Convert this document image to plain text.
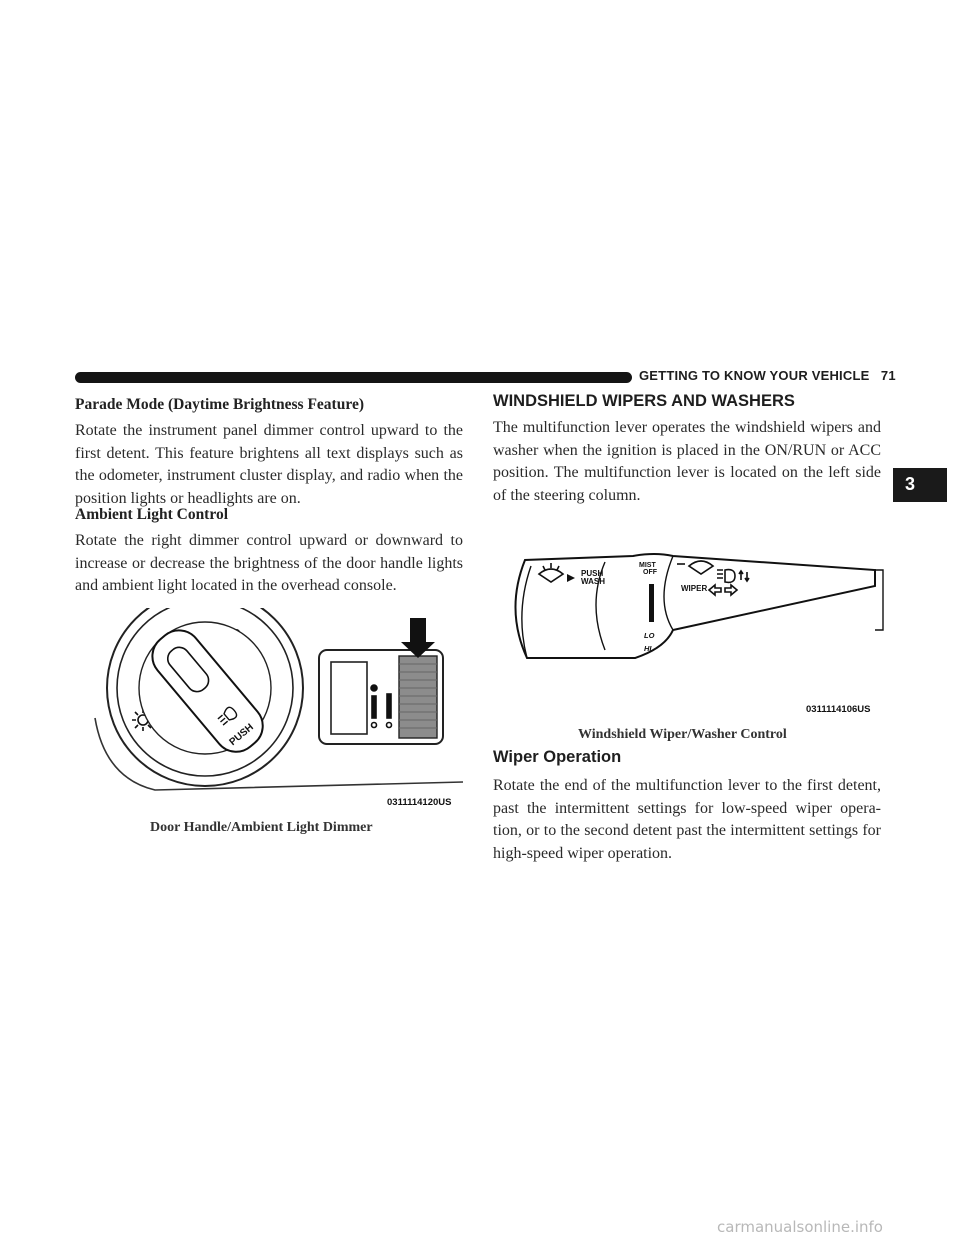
GETTING TO KNOW YOUR VEHICLE 71
3
Parade Mode (Daytime Brightness Feature)
Rotate the instrument panel dimmer control upward to the first detent. This feature brightens all text displays such as the odometer, instrument cluster display, and radio when the position lights or headlights are on.
Ambient Light Control
Rotate the right dimmer control upward or downward to increase or decrease the brightness of the door handle lights and ambient light located in the overhead console.
PUSH
0311114120US
Door Handle/Ambient Light Dimmer
WINDSHIELD WIPERS AND WASHERS
The multifunction lever operates the windshield wipers and washer when the ignition is placed in the ON/RUN or ACC position. The multifunction lever is located on the left side of the steering column.
PUSH
WASH
MIST
OFF
LO
HI
WIPER
0311114106US
Windshield Wiper/Washer Control
Wiper Operation
Rotate the end of the multifunction lever to the first detent, past the intermittent settings for low-speed wiper opera- tion, or to the second detent past the intermittent settings for high-speed wiper operation.
carmanualsonline.info
